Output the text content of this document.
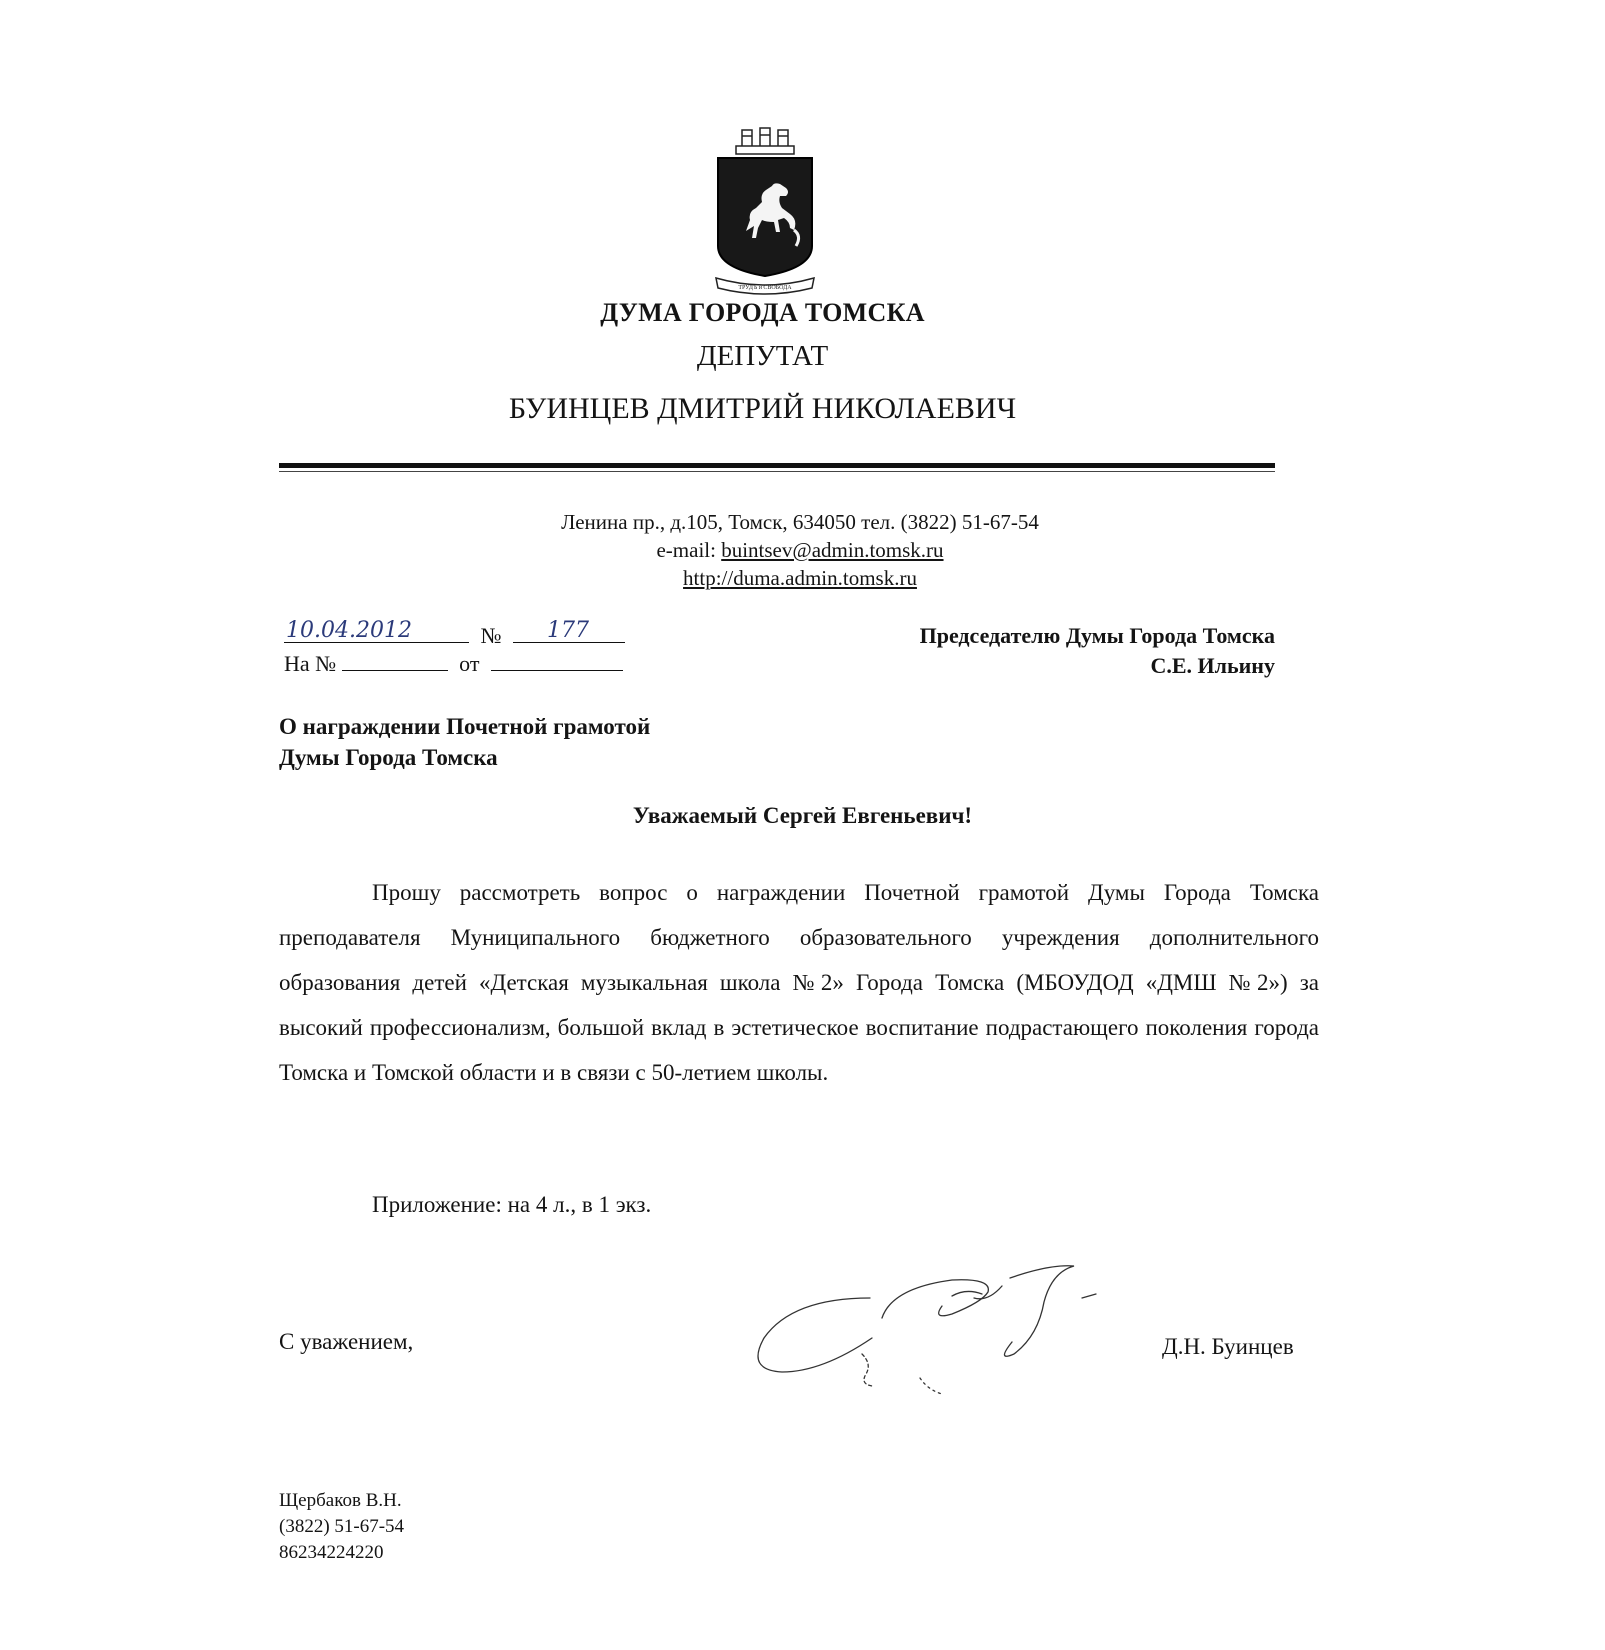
ТРУДЪ и СВОБОДА
ДУМА ГОРОДА ТОМСКА
ДЕПУТАТ
БУИНЦЕВ ДМИТРИЙ НИКОЛАЕВИЧ
Ленина пр., д.105, Томск, 634050 тел. (3822) 51-67-54
e-mail: buintsev@admin.tomsk.ru
http://duma.admin.tomsk.ru
10.04.2012	№ 177
На №	от
Председателю Думы Города Томска
С.Е. Ильину
О награждении Почетной грамотой
Думы Города Томска
Уважаемый Сергей Евгеньевич!
Прошу рассмотреть вопрос о награждении Почетной грамотой Думы Города Томска преподавателя Муниципального бюджетного образовательного учреждения дополнительного образования детей «Детская музыкальная школа №2» Города Томска (МБОУДОД «ДМШ №2») за высокий профессионализм, большой вклад в эстетическое воспитание подрастающего поколения города Томска и Томской области и в связи с 50-летием школы.
Приложение: на 4 л., в 1 экз.
С уважением,	Д.Н. Буинцев
Щербаков В.Н.
(3822) 51-67-54
86234224220
